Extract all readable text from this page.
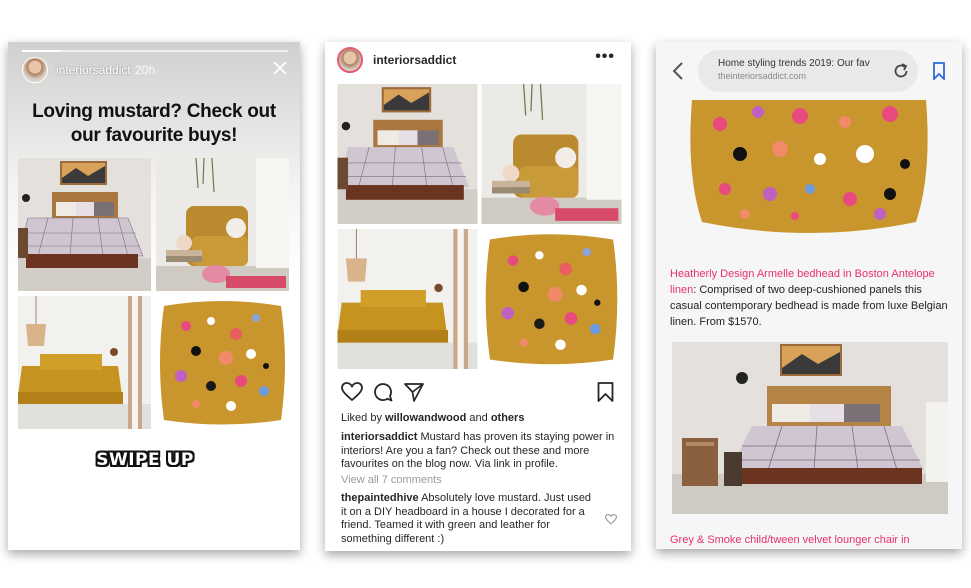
interiorsaddict 20h
Loving mustard? Check out our favourite buys!
SWIPE UP
interiorsaddict	•••
Liked by willowandwood and others
interiorsaddict Mustard has proven its staying power in interiors! Are you a fan? Check out these and more favourites on the blog now. Via link in profile.
View all 7 comments
thepaintedhive Absolutely love mustard. Just used it on a DIY headboard in a house I decorated for a friend. Teamed it with green and leather for something different :)
Home styling trends 2019: Our fav
theinteriorsaddict.com
Heatherly Design Armelle bedhead in Boston Antelope linen: Comprised of two deep-cushioned panels this casual contemporary bedhead is made from luxe Belgian linen. From $1570.
Grey & Smoke child/tween velvet lounger chair in
